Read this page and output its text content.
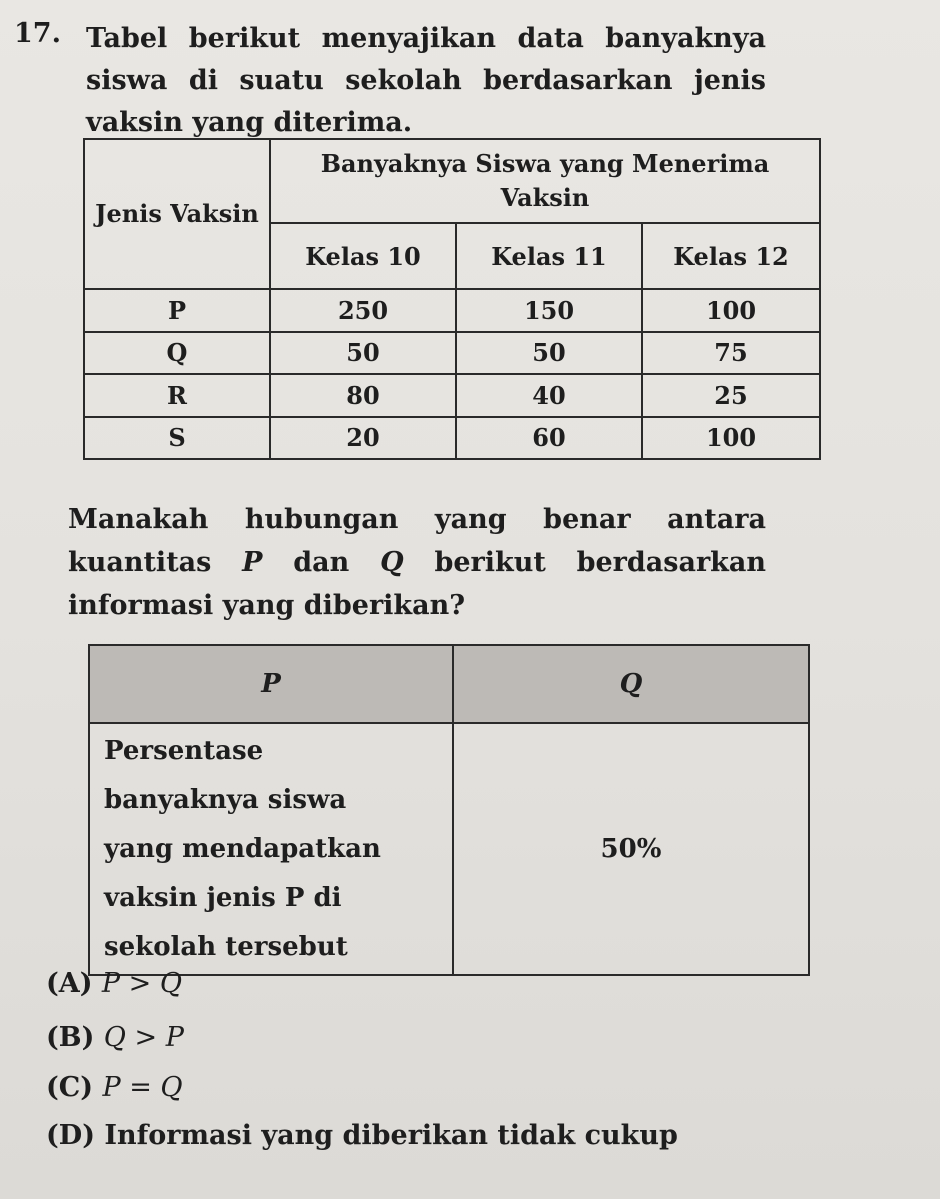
17. Tabel berikut menyajikan data banyaknya siswa di suatu sekolah berdasarkan jenis vaksin yang diterima.
Jenis Vaksin	Banyaknya Siswa yang Menerima Vaksin		
	Kelas 10	Kelas 11	Kelas 12
P	250	150	100
Q	50	50	75
R	80	40	25
S	20	60	100
Manakah hubungan yang benar antara kuantitas P dan Q berikut berdasarkan informasi yang diberikan?
P	Q

Persentase
banyaknya siswa
yang mendapatkan
vaksin jenis P di
sekolah tersebut	50%
(A) P > Q
(B) Q > P
(C) P = Q
(D) Informasi yang diberikan tidak cukup
